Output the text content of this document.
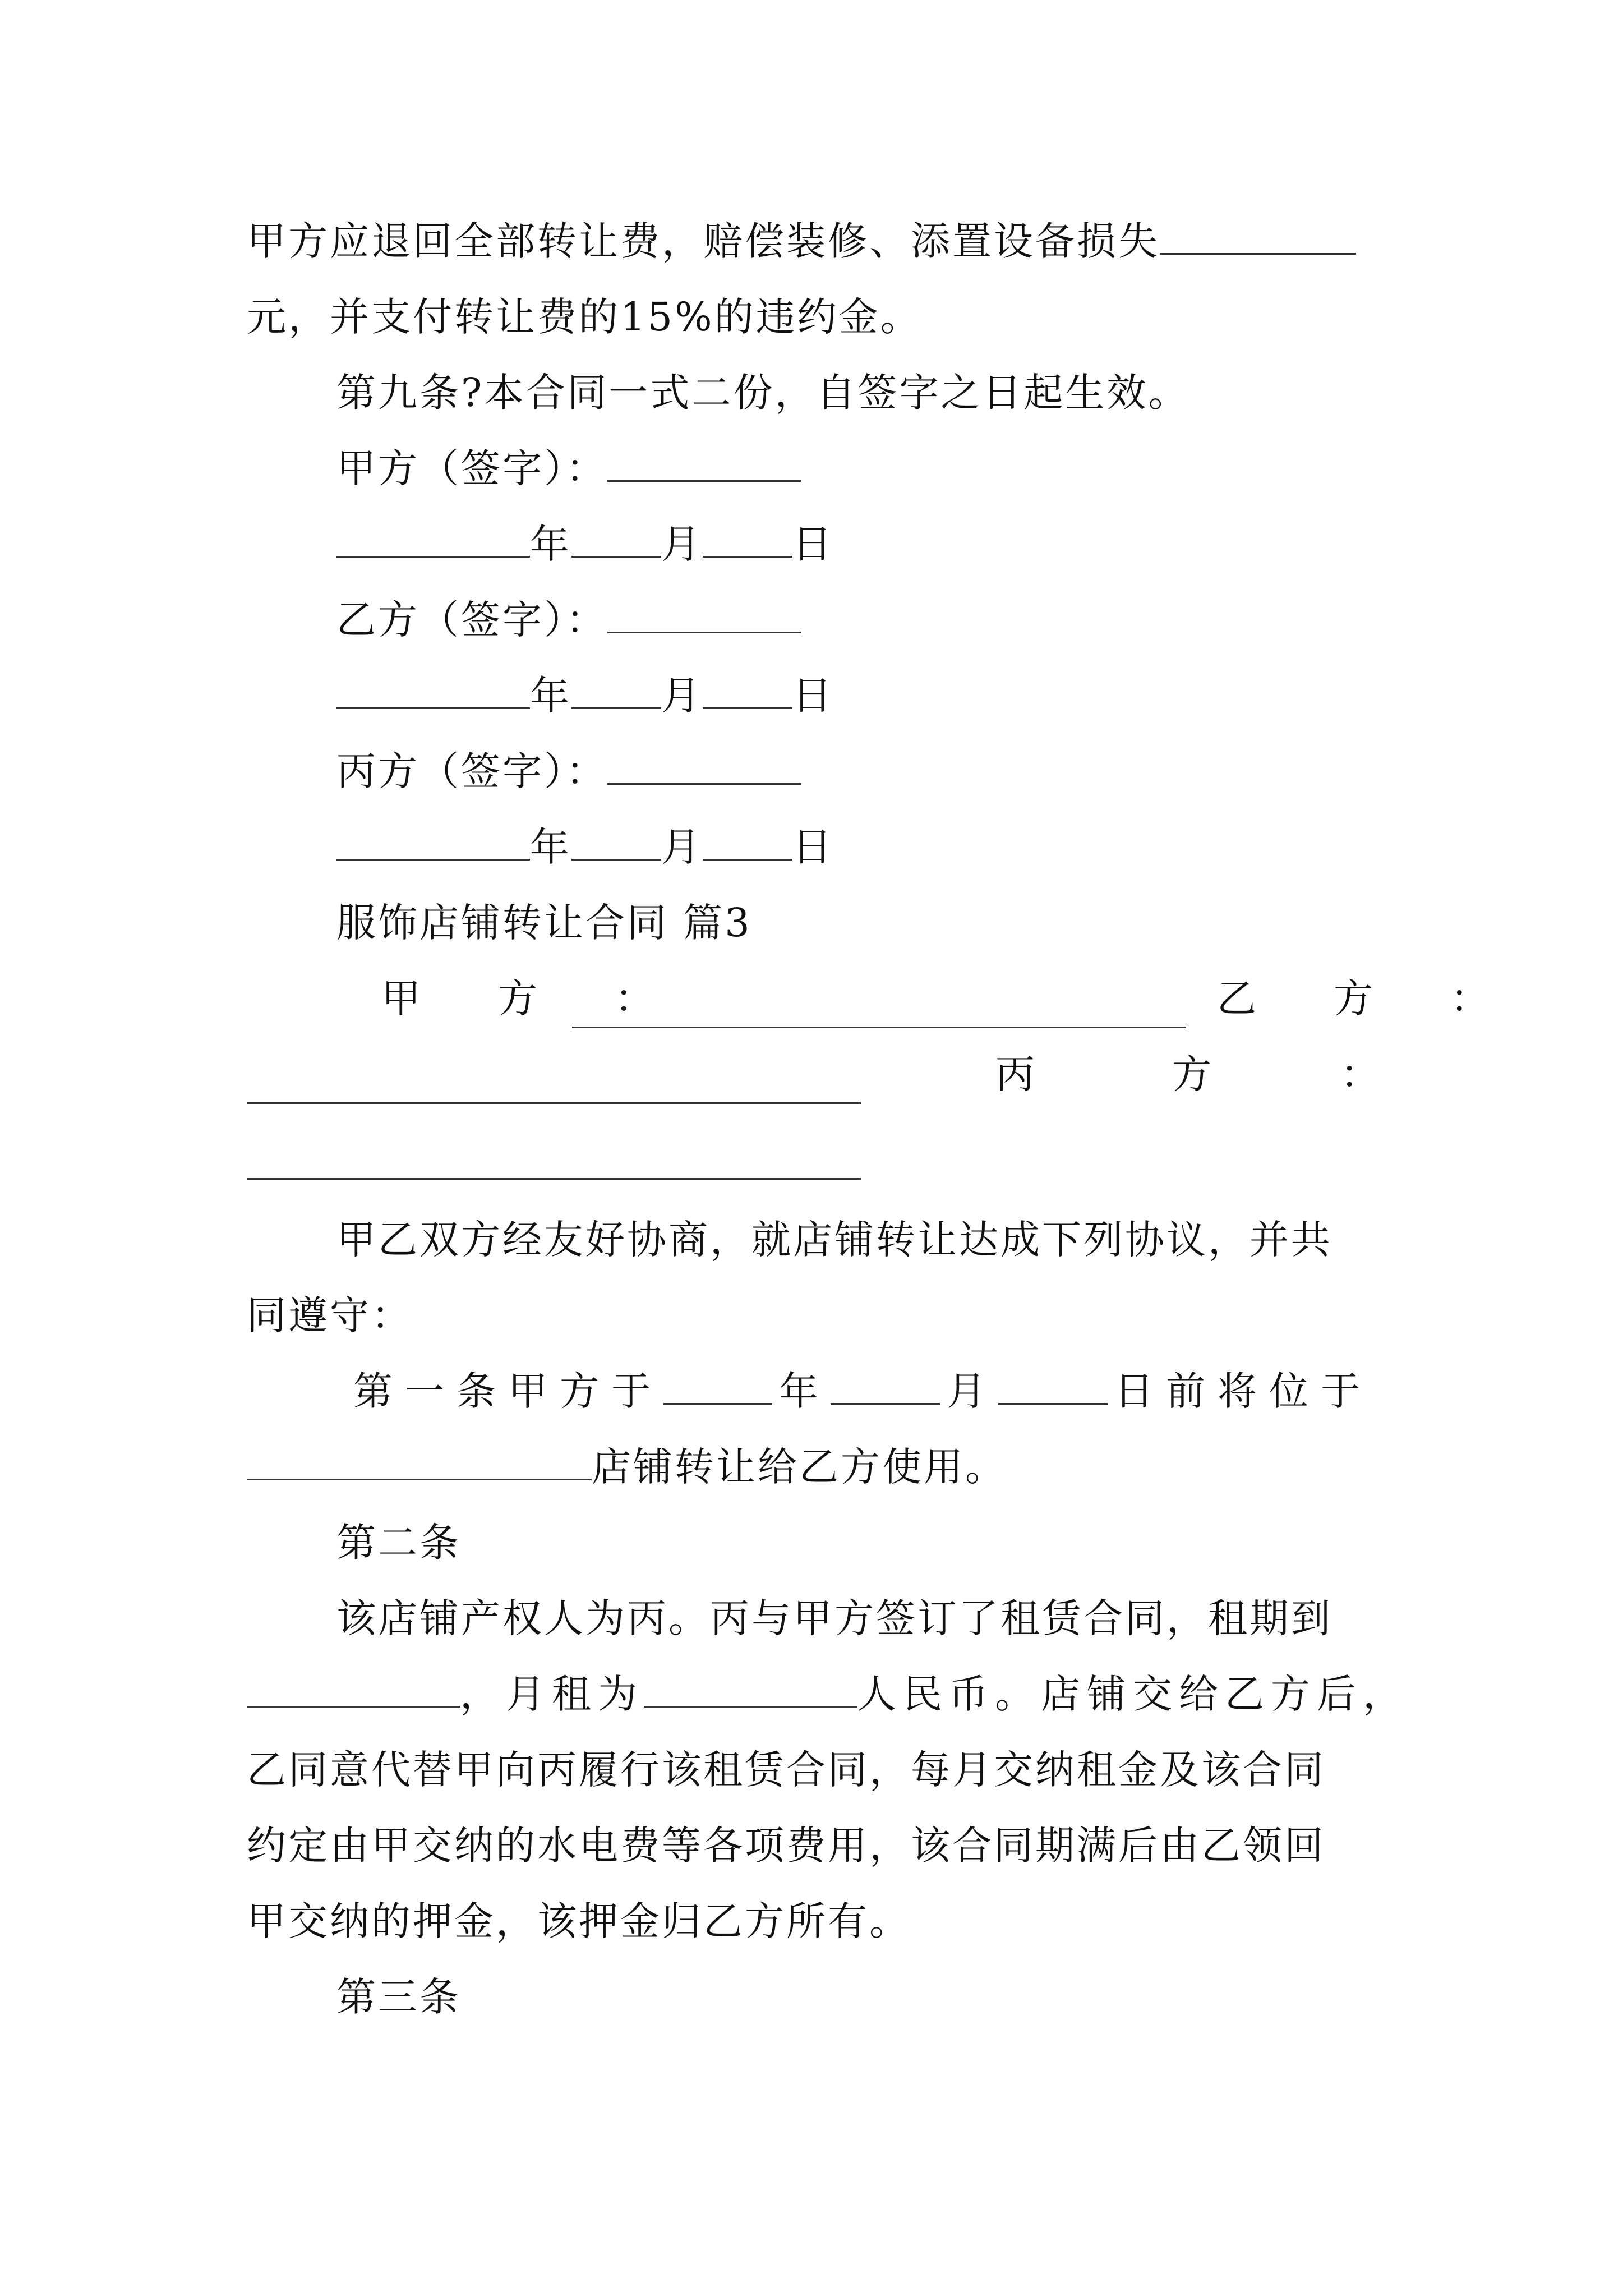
甲方应退回全部转让费，赔偿装修、添置设备损失
元，并支付转让费的15%的违约金。
第九条?本合同一式二份，自签字之日起生效。
甲方（签字）：
年 月 日
乙方（签字）：
年 月 日
丙方（签字）：
年 月 日
服饰店铺转让合同 篇3
甲　方　：	乙　方　：
丙	方	：
甲乙双方经友好协商，就店铺转让达成下列协议，并共
同遵守：
第一条甲方于	年	月	日前将位于
店铺转让给乙方使用。
第二条
该店铺产权人为丙。丙与甲方签订了租赁合同，租期到
，月租为	人民币。店铺交给乙方后，
乙同意代替甲向丙履行该租赁合同，每月交纳租金及该合同
约定由甲交纳的水电费等各项费用，该合同期满后由乙领回
甲交纳的押金，该押金归乙方所有。
第三条
